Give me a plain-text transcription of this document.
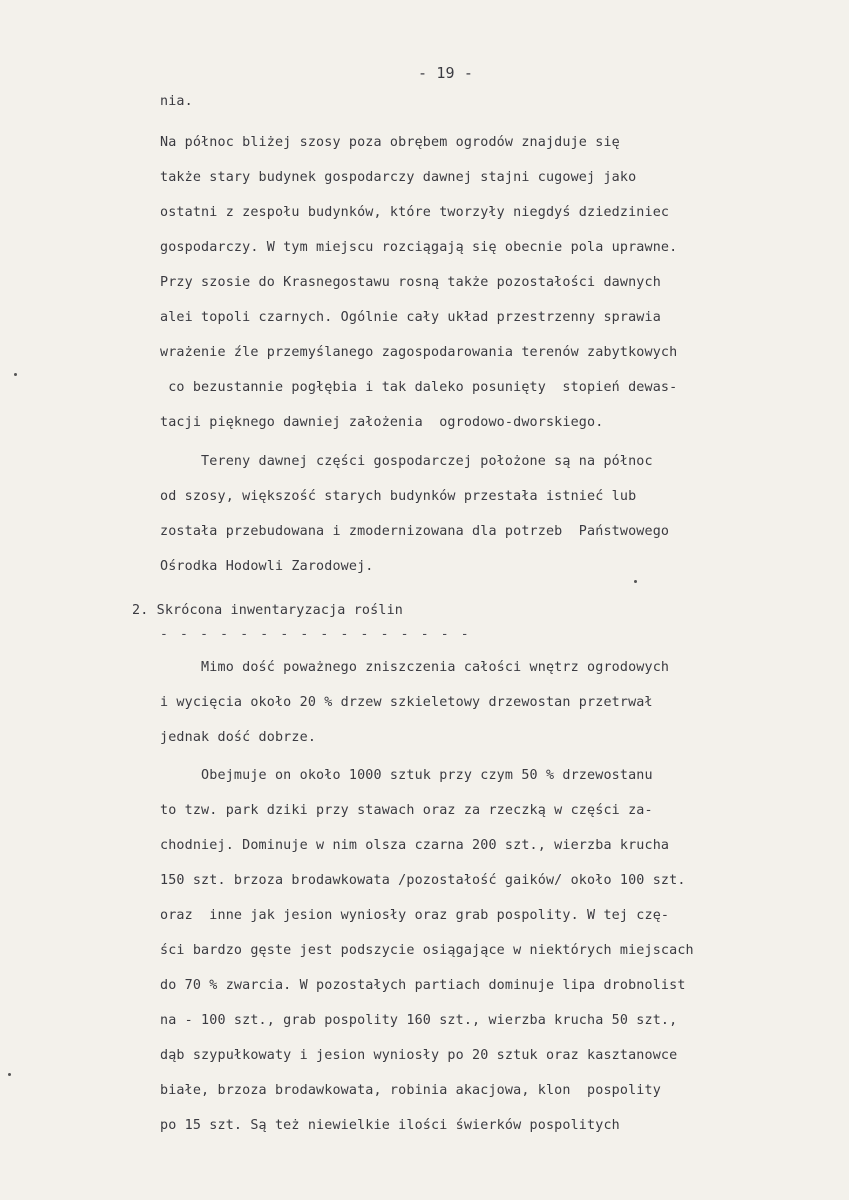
- 19 -
nia.
Na północ bliżej szosy poza obrębem ogrodów znajduje się
także stary budynek gospodarczy dawnej stajni cugowej jako
ostatni z zespołu budynków, które tworzyły niegdyś dziedziniec
gospodarczy. W tym miejscu rozciągają się obecnie pola uprawne.
Przy szosie do Krasnegostawu rosną także pozostałości dawnych
alei topoli czarnych. Ogólnie cały układ przestrzenny sprawia
wrażenie źle przemyślanego zagospodarowania terenów zabytkowych
co bezustannie pogłębia i tak daleko posunięty  stopień dewas-
tacji pięknego dawniej założenia  ogrodowo-dworskiego.
Tereny dawnej części gospodarczej położone są na północ
od szosy, większość starych budynków przestała istnieć lub
została przebudowana i zmodernizowana dla potrzeb  Państwowego
Ośrodka Hodowli Zarodowej.
2. Skrócona inwentaryzacja roślin
- - - - - - - - - - - - - - - -
Mimo dość poważnego zniszczenia całości wnętrz ogrodowych
i wycięcia około 20 % drzew szkieletowy drzewostan przetrwał
jednak dość dobrze.
Obejmuje on około 1000 sztuk przy czym 50 % drzewostanu
to tzw. park dziki przy stawach oraz za rzeczką w części za-
chodniej. Dominuje w nim olsza czarna 200 szt., wierzba krucha
150 szt. brzoza brodawkowata /pozostałość gaików/ około 100 szt.
oraz  inne jak jesion wyniosły oraz grab pospolity. W tej czę-
ści bardzo gęste jest podszycie osiągające w niektórych miejscach
do 70 % zwarcia. W pozostałych partiach dominuje lipa drobnolist
na - 100 szt., grab pospolity 160 szt., wierzba krucha 50 szt.,
dąb szypułkowaty i jesion wyniosły po 20 sztuk oraz kasztanowce
białe, brzoza brodawkowata, robinia akacjowa, klon  pospolity
po 15 szt. Są też niewielkie ilości świerków pospolitych
